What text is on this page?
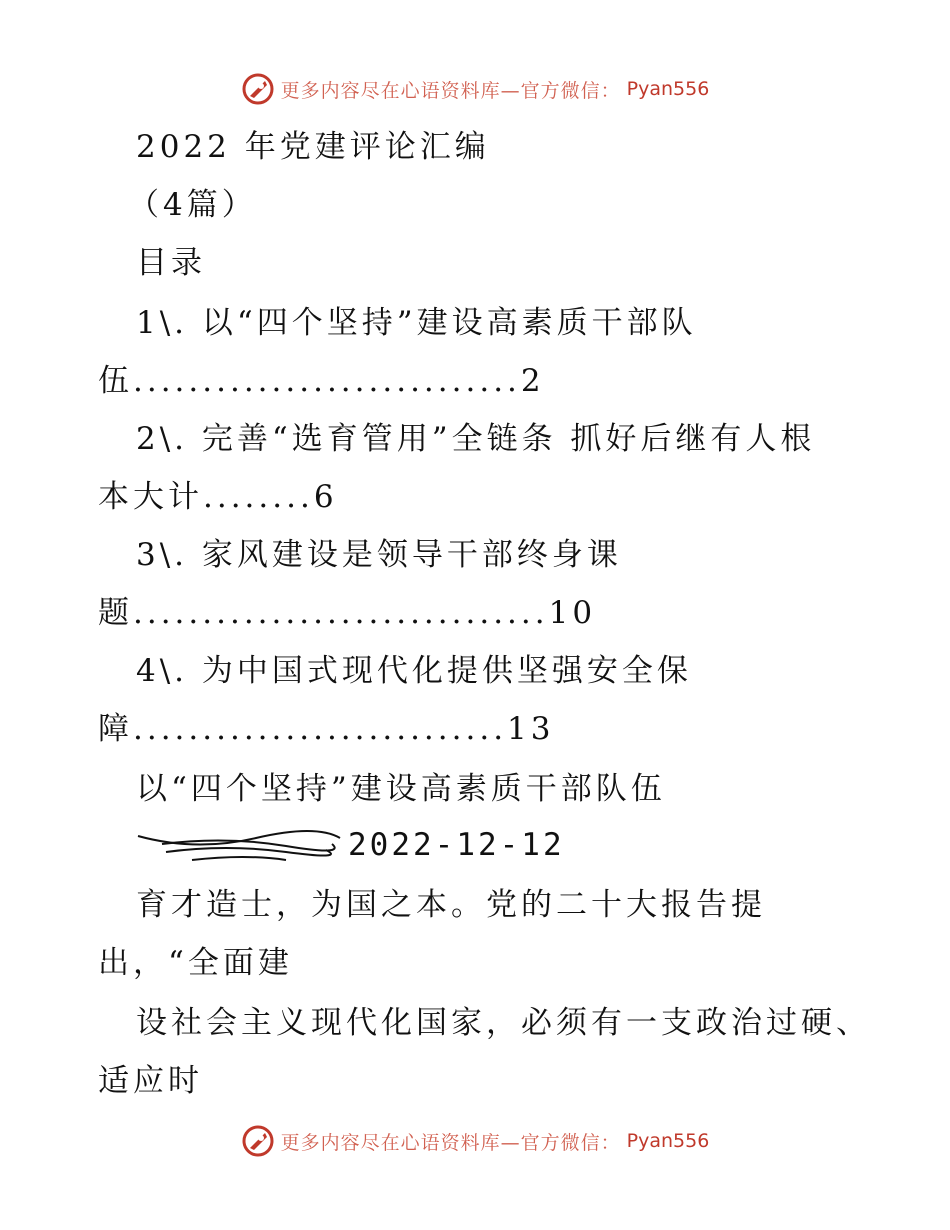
更多内容尽在心语资料库—官方微信： Pyan556
2022 年党建评论汇编
（4篇）
目录
1\. 以“四个坚持”建设高素质干部队
伍............................2
2\. 完善“选育管用”全链条 抓好后继有人根
本大计........6
3\. 家风建设是领导干部终身课
题..............................10
4\. 为中国式现代化提供坚强安全保
障...........................13
以“四个坚持”建设高素质干部队伍
2022-12-12
育才造士，为国之本。党的二十大报告提
出，“全面建
设社会主义现代化国家，必须有一支政治过硬、
适应时
更多内容尽在心语资料库—官方微信： Pyan556
